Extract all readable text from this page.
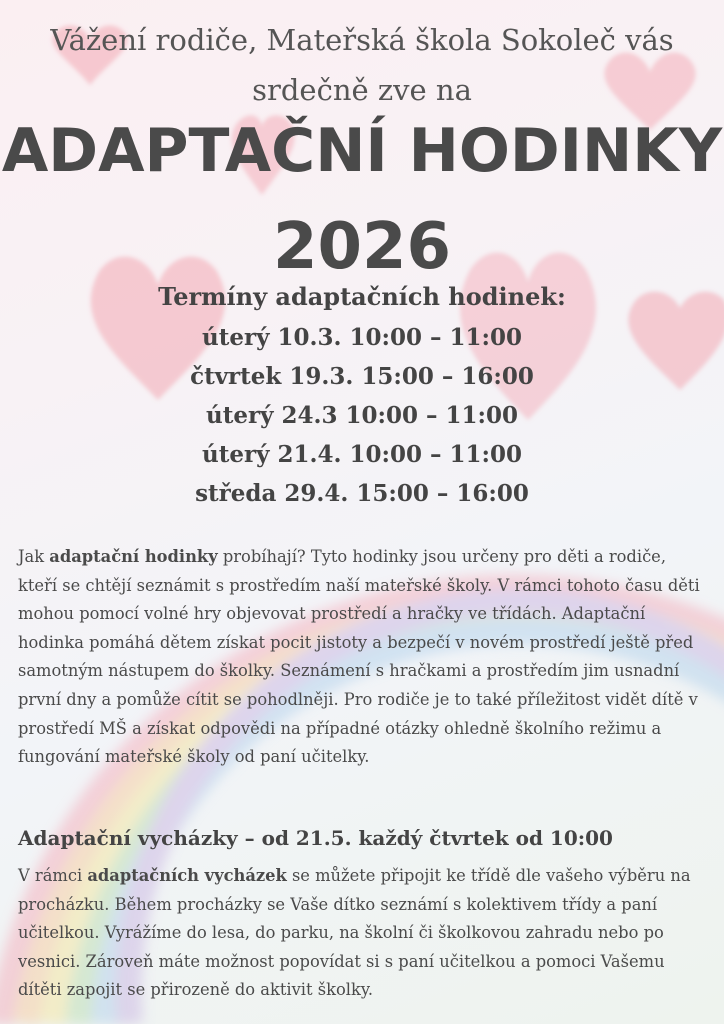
Vážení rodiče, Mateřská škola Sokoleč vás
srdečně zve na
ADAPTAČNÍ HODINKY
2026
Termíny adaptačních hodinek:
úterý 10.3. 10:00 – 11:00
čtvrtek 19.3. 15:00 – 16:00
úterý 24.3 10:00 – 11:00
úterý 21.4. 10:00 – 11:00
středa 29.4. 15:00 – 16:00
Jak adaptační hodinky probíhají? Tyto hodinky jsou určeny pro děti a rodiče, kteří se chtějí seznámit s prostředím naší mateřské školy. V rámci tohoto času děti mohou pomocí volné hry objevovat prostředí a hračky ve třídách. Adaptační hodinka pomáhá dětem získat pocit jistoty a bezpečí v novém prostředí ještě před samotným nástupem do školky. Seznámení s hračkami a prostředím jim usnadní první dny a pomůže cítit se pohodlněji. Pro rodiče je to také příležitost vidět dítě v prostředí MŠ a získat odpovědi na případné otázky ohledně školního režimu a fungování mateřské školy od paní učitelky.
Adaptační vycházky – od 21.5. každý čtvrtek od 10:00
V rámci adaptačních vycházek se můžete připojit ke třídě dle vašeho výběru na procházku. Během procházky se Vaše dítko seznámí s kolektivem třídy a paní učitelkou. Vyrážíme do lesa, do parku, na školní či školkovou zahradu nebo po vesnici. Zároveň máte možnost popovídat si s paní učitelkou a pomoci Vašemu dítěti zapojit se přirozeně do aktivit školky.
